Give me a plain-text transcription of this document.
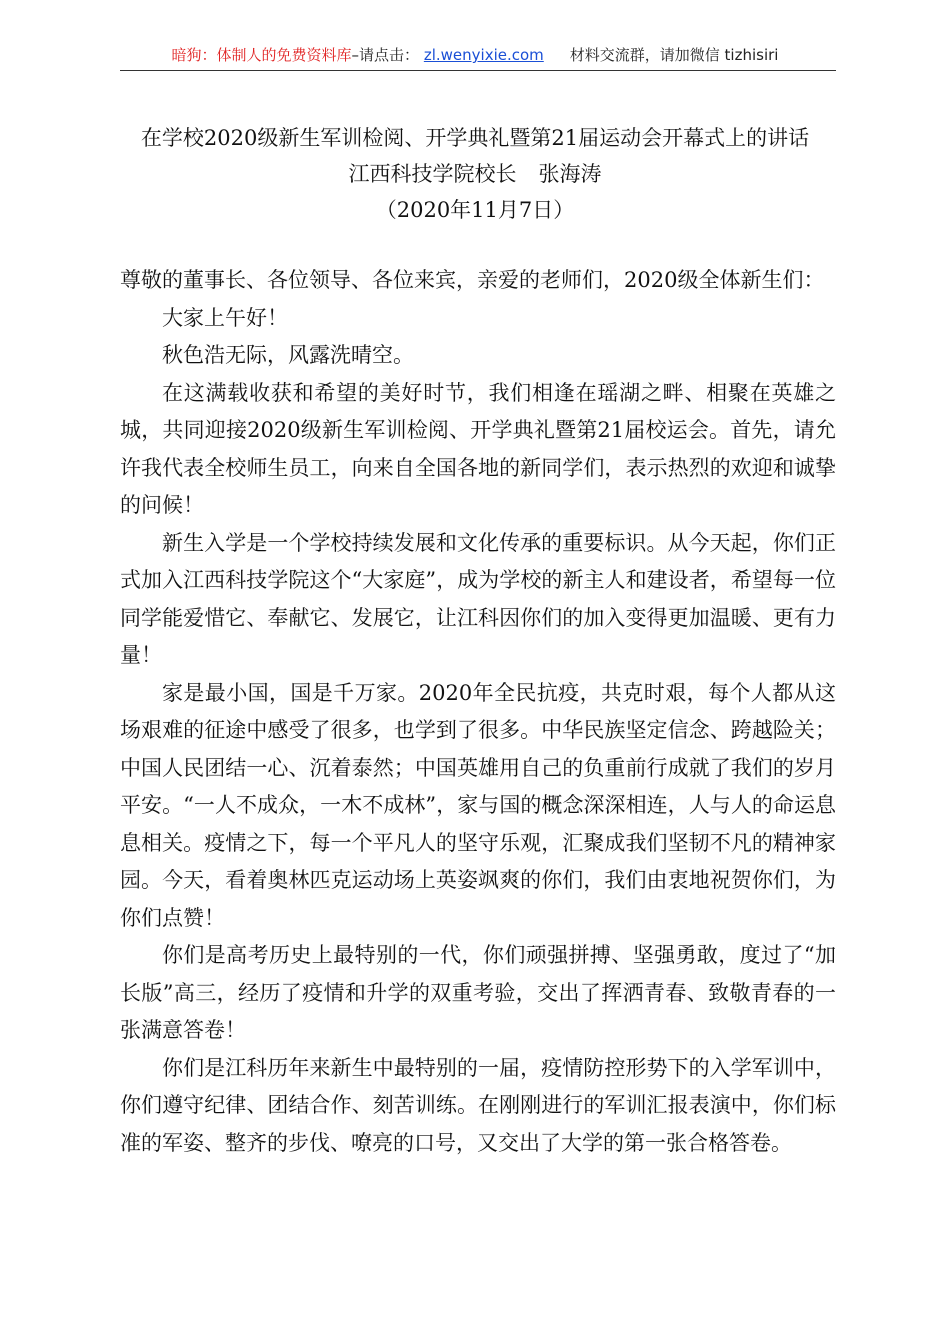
暗狗：体制人的免费资料库–请点击： zl.wenyixie.com 材料交流群，请加微信 tizhisiri
在学校2020级新生军训检阅、开学典礼暨第21届运动会开幕式上的讲话
江西科技学院校长 张海涛
（2020年11月7日）

尊敬的董事长、各位领导、各位来宾，亲爱的老师们，2020级全体新生们：

大家上午好！

秋色浩无际，风露洗晴空。

在这满载收获和希望的美好时节，我们相逢在瑶湖之畔、相聚在英雄之城，共同迎接2020级新生军训检阅、开学典礼暨第21届校运会。首先，请允许我代表全校师生员工，向来自全国各地的新同学们，表示热烈的欢迎和诚挚的问候！

新生入学是一个学校持续发展和文化传承的重要标识。从今天起，你们正式加入江西科技学院这个“大家庭”，成为学校的新主人和建设者，希望每一位同学能爱惜它、奉献它、发展它，让江科因你们的加入变得更加温暖、更有力量！

家是最小国，国是千万家。2020年全民抗疫，共克时艰，每个人都从这场艰难的征途中感受了很多，也学到了很多。中华民族坚定信念、跨越险关；中国人民团结一心、沉着泰然；中国英雄用自己的负重前行成就了我们的岁月平安。“一人不成众，一木不成林”，家与国的概念深深相连，人与人的命运息息相关。疫情之下，每一个平凡人的坚守乐观，汇聚成我们坚韧不凡的精神家园。今天，看着奥林匹克运动场上英姿飒爽的你们，我们由衷地祝贺你们，为你们点赞！

你们是高考历史上最特别的一代，你们顽强拼搏、坚强勇敢，度过了“加长版”高三，经历了疫情和升学的双重考验，交出了挥洒青春、致敬青春的一张满意答卷！

你们是江科历年来新生中最特别的一届，疫情防控形势下的入学军训中，你们遵守纪律、团结合作、刻苦训练。在刚刚进行的军训汇报表演中，你们标准的军姿、整齐的步伐、嘹亮的口号，又交出了大学的第一张合格答卷。
